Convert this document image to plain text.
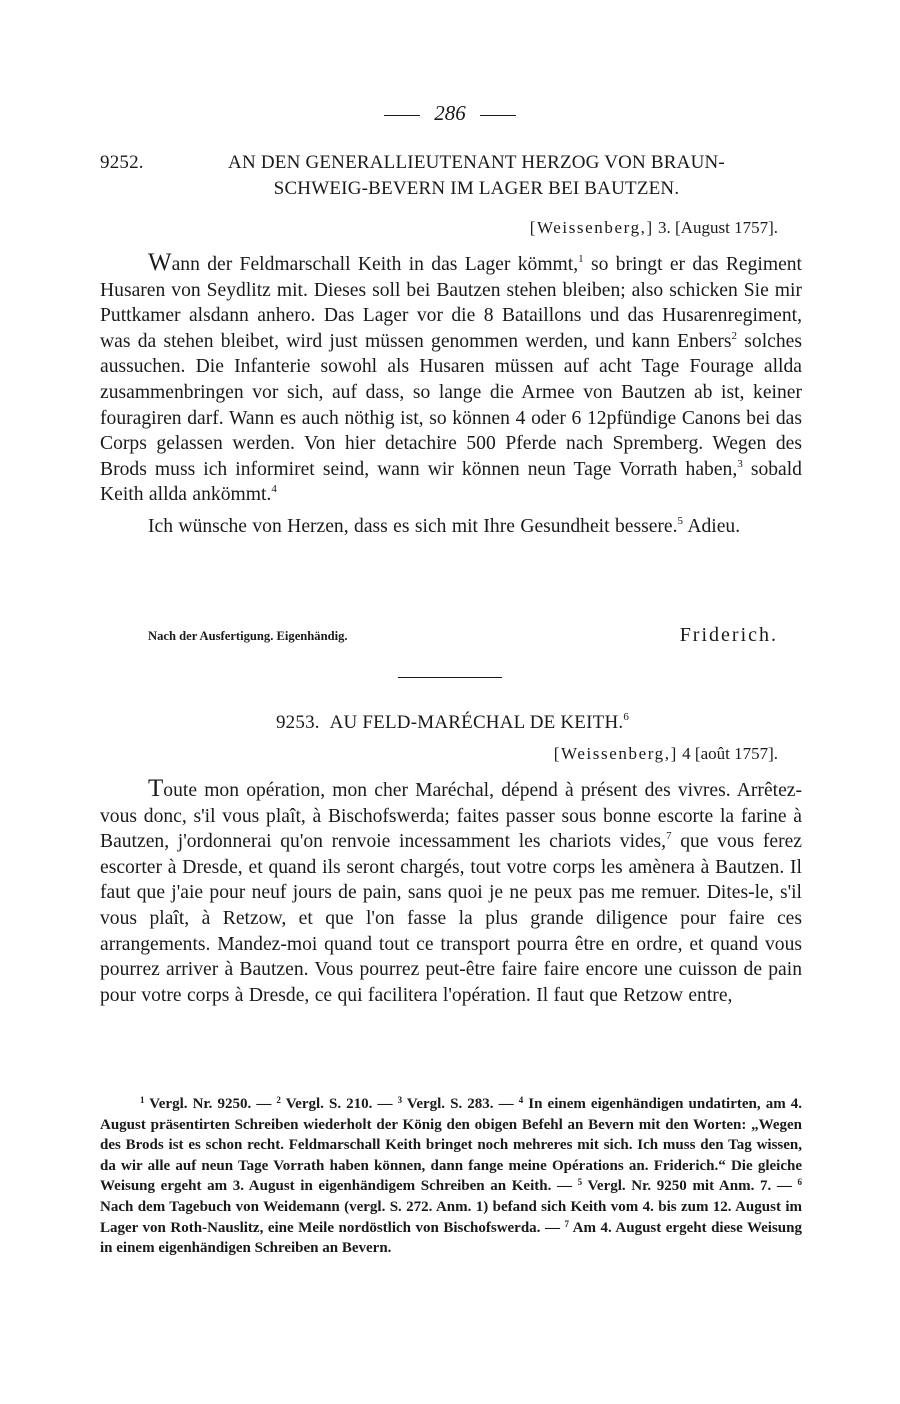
286
9252.	AN DEN GENERALLIEUTENANT HERZOG VON BRAUN-
SCHWEIG-BEVERN IM LAGER BEI BAUTZEN.
[Weissenberg,] 3. [August 1757].

Wann der Feldmarschall Keith in das Lager kömmt,$^1$ so bringt er das Regiment Husaren von Seydlitz mit. Dieses soll bei Bautzen stehen bleiben; also schicken Sie mir Puttkamer alsdann anhero. Das Lager vor die 8 Bataillons und das Husarenregiment, was da stehen bleibet, wird just müssen genommen werden, und kann Enbers$^2$ solches aussuchen. Die Infanterie sowohl als Husaren müssen auf acht Tage Fourage allda zusammenbringen vor sich, auf dass, so lange die Armee von Bautzen ab ist, keiner fouragiren darf. Wann es auch nöthig ist, so können 4 oder 6 12pfündige Canons bei das Corps gelassen werden. Von hier detachire 500 Pferde nach Spremberg. Wegen des Brods muss ich informiret seind, wann wir können neun Tage Vorrath haben,$^3$ sobald Keith allda ankömmt.$^4$

Ich wünsche von Herzen, dass es sich mit Ihre Gesundheit bessere.$^5$ Adieu.

Nach der Ausfertigung. Eigenhändig.	Friderich.
9253. AU FELD-MARÉCHAL DE KEITH.$^6$
[Weissenberg,] 4 [août 1757].

Toute mon opération, mon cher Maréchal, dépend à présent des vivres. Arrêtez-vous donc, s'il vous plaît, à Bischofswerda; faites passer sous bonne escorte la farine à Bautzen, j'ordonnerai qu'on renvoie incessamment les chariots vides,$^7$ que vous ferez escorter à Dresde, et quand ils seront chargés, tout votre corps les amènera à Bautzen. Il faut que j'aie pour neuf jours de pain, sans quoi je ne peux pas me remuer. Dites-le, s'il vous plaît, à Retzow, et que l'on fasse la plus grande diligence pour faire ces arrangements. Mandez-moi quand tout ce transport pourra être en ordre, et quand vous pourrez arriver à Bautzen. Vous pourrez peut-être faire faire encore une cuisson de pain pour votre corps à Dresde, ce qui facilitera l'opération. Il faut que Retzow entre,

$^1$ Vergl. Nr. 9250. — $^2$ Vergl. S. 210. — $^3$ Vergl. S. 283. — $^4$ In einem eigenhändigen undatirten, am 4. August präsentirten Schreiben wiederholt der König den obigen Befehl an Bevern mit den Worten: „Wegen des Brods ist es schon recht. Feldmarschall Keith bringet noch mehreres mit sich. Ich muss den Tag wissen, da wir alle auf neun Tage Vorrath haben können, dann fange meine Opérations an. Friderich.“ Die gleiche Weisung ergeht am 3. August in eigenhändigem Schreiben an Keith. — $^5$ Vergl. Nr. 9250 mit Anm. 7. — $^6$ Nach dem Tagebuch von Weidemann (vergl. S. 272. Anm. 1) befand sich Keith vom 4. bis zum 12. August im Lager von Roth-Nauslitz, eine Meile nordöstlich von Bischofswerda. — $^7$ Am 4. August ergeht diese Weisung in einem eigenhändigen Schreiben an Bevern.
